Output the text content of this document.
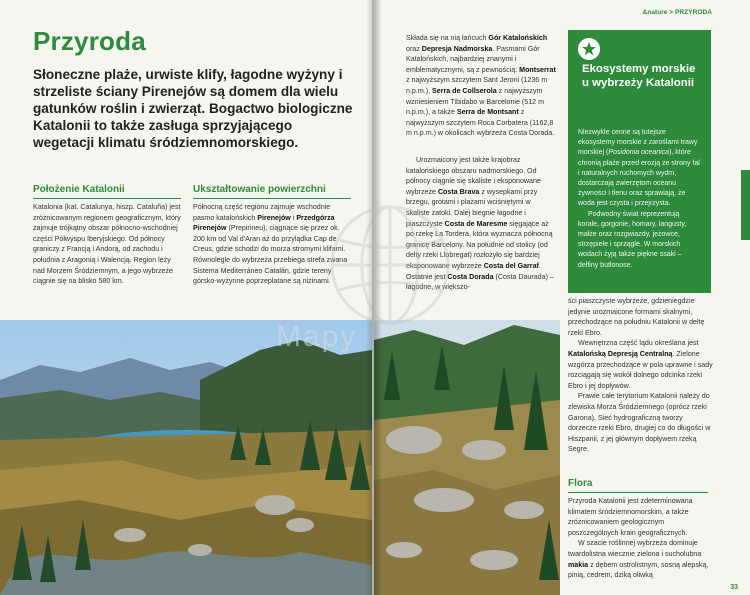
Przyroda

Słoneczne plaże, urwiste klify, łagodne wyżyny i strzeliste ściany Pirenejów są domem dla wielu gatunków roślin i zwierząt. Bogactwo biologiczne Katalonii to także zasługa sprzyjającego wegetacji klimatu śródziemnomorskiego.

Położenie Katalonii

Katalonia (kat. Catalunya, hiszp. Cataluña) jest zróżnicowanym regionem geograficznym, który zajmuje trójkątny obszar północno-wschodniej części Półwyspu Iberyjskiego. Od północy graniczy z Francją i Andorą, od zachodu i południa z Aragonią i Walencją. Region leży nad Morzem Śródziemnym, a jego wybrzeże ciągnie się na blisko 580 km.

Ukształtowanie powierzchni

Północną część regionu zajmuje wschodnie pasmo katalońskich Pirenejów i Przedgórza Pirenejów (Prepirineu), ciągnące się przez ok. 200 km od Val d'Aran aż do przylądka Cap de Creus, gdzie schodzi do morza stromymi klifami. Równolegle do wybrzeża przebiega strefa zwana Sistema Mediterráneo Catalán, gdzie tereny górsko-wyżynne poprzeplatane są nizinami.

&nature > PRZYRODA

Składa się na nią łańcuch Gór Katalońskich oraz Depresja Nadmorska. Pasmami Gór Katalońskich, najbardziej znanymi i emblematycznymi, są z pewnością: Montserrat z najwyższym szczytem Sant Jeroni (1236 m n.p.m.), Serra de Collserola z najwyższym wzniesieniem Tibidabo w Barcelonie (512 m n.p.m.), a także Serra de Montsant z najwyższym szczytem Roca Corbatera (1162,8 m n.p.m.) w okolicach wybrzeża Costa Dorada.

Urozmaicony jest także krajobraz katalońskiego obszaru nadmorskiego. Od północy ciągnie się skaliste i eksponowane wybrzeże Costa Brava z wysepkami przy brzegu, grotami i plażami wciśniętymi w skaliste zatoki. Dalej biegnie łagodne i piaszczyste Costa de Maresme sięgające aż po rzekę La Tordera, która wyznacza północną granicę Barcelony. Na południe od stolicy (od delty rzeki Llobregat) rozłożyło się bardziej eksponowane wybrzeże Costa del Garraf. Ostatnie jest Costa Dorada (Costa Daurada) – łagodne, w większo-

Ekosystemy morskie u wybrzeży Katalonii

Niezwykle cenne są tutejsze ekosystemy morskie z zaroślami trawy morskiej (Posidonia oceanica), które chronią plaże przed erozją ze strony fal i naturalnych ruchomych wydm, dostarczają zwierzętom oceanu żywności i tlenu oraz sprawiają, że woda jest czysta i przejrzysta.
Podwodny świat reprezentują korale, gorgonie, homary, langusty, małże oraz rozgwiazdy, jeżowce, strzępiele i sprzągle. W morskich wodach żyją także piękne ssaki – delfiny butlonose.

ści piaszczyste wybrzeże, gdzieniegdzie jedynie urozmaicone formami skalnymi, przechodzące na południu Katalonii w deltę rzeki Ebro.
Wewnętrzna część lądu określana jest Katalońską Depresją Centralną. Zielone wzgórza przechodzące w pola uprawne i sady rozciągają się wokół dolnego odcinka rzeki Ebro i jej dopływów.
Prawie całe terytorium Katalonii należy do zlewiska Morza Śródziemnego (oprócz rzeki Garona). Sieć hydrograficzną tworzy dorzecze rzeki Ebro, drugiej co do długości w Hiszpanii, z jej głównym dopływem rzeką Segre.

Flora

Przyroda Katalonii jest zdeterminowana klimatem śródziemnomorskim, a także zróżnicowaniem geologicznym poszczególnych krain geograficznych.
W szacie roślinnej wybrzeża dominuje twardolistna wiecznie zielona i sucholubna makia z dębem ostrolistnym, sosną alepską, pinią, cedrem, dziką oliwką

33
Mapy
